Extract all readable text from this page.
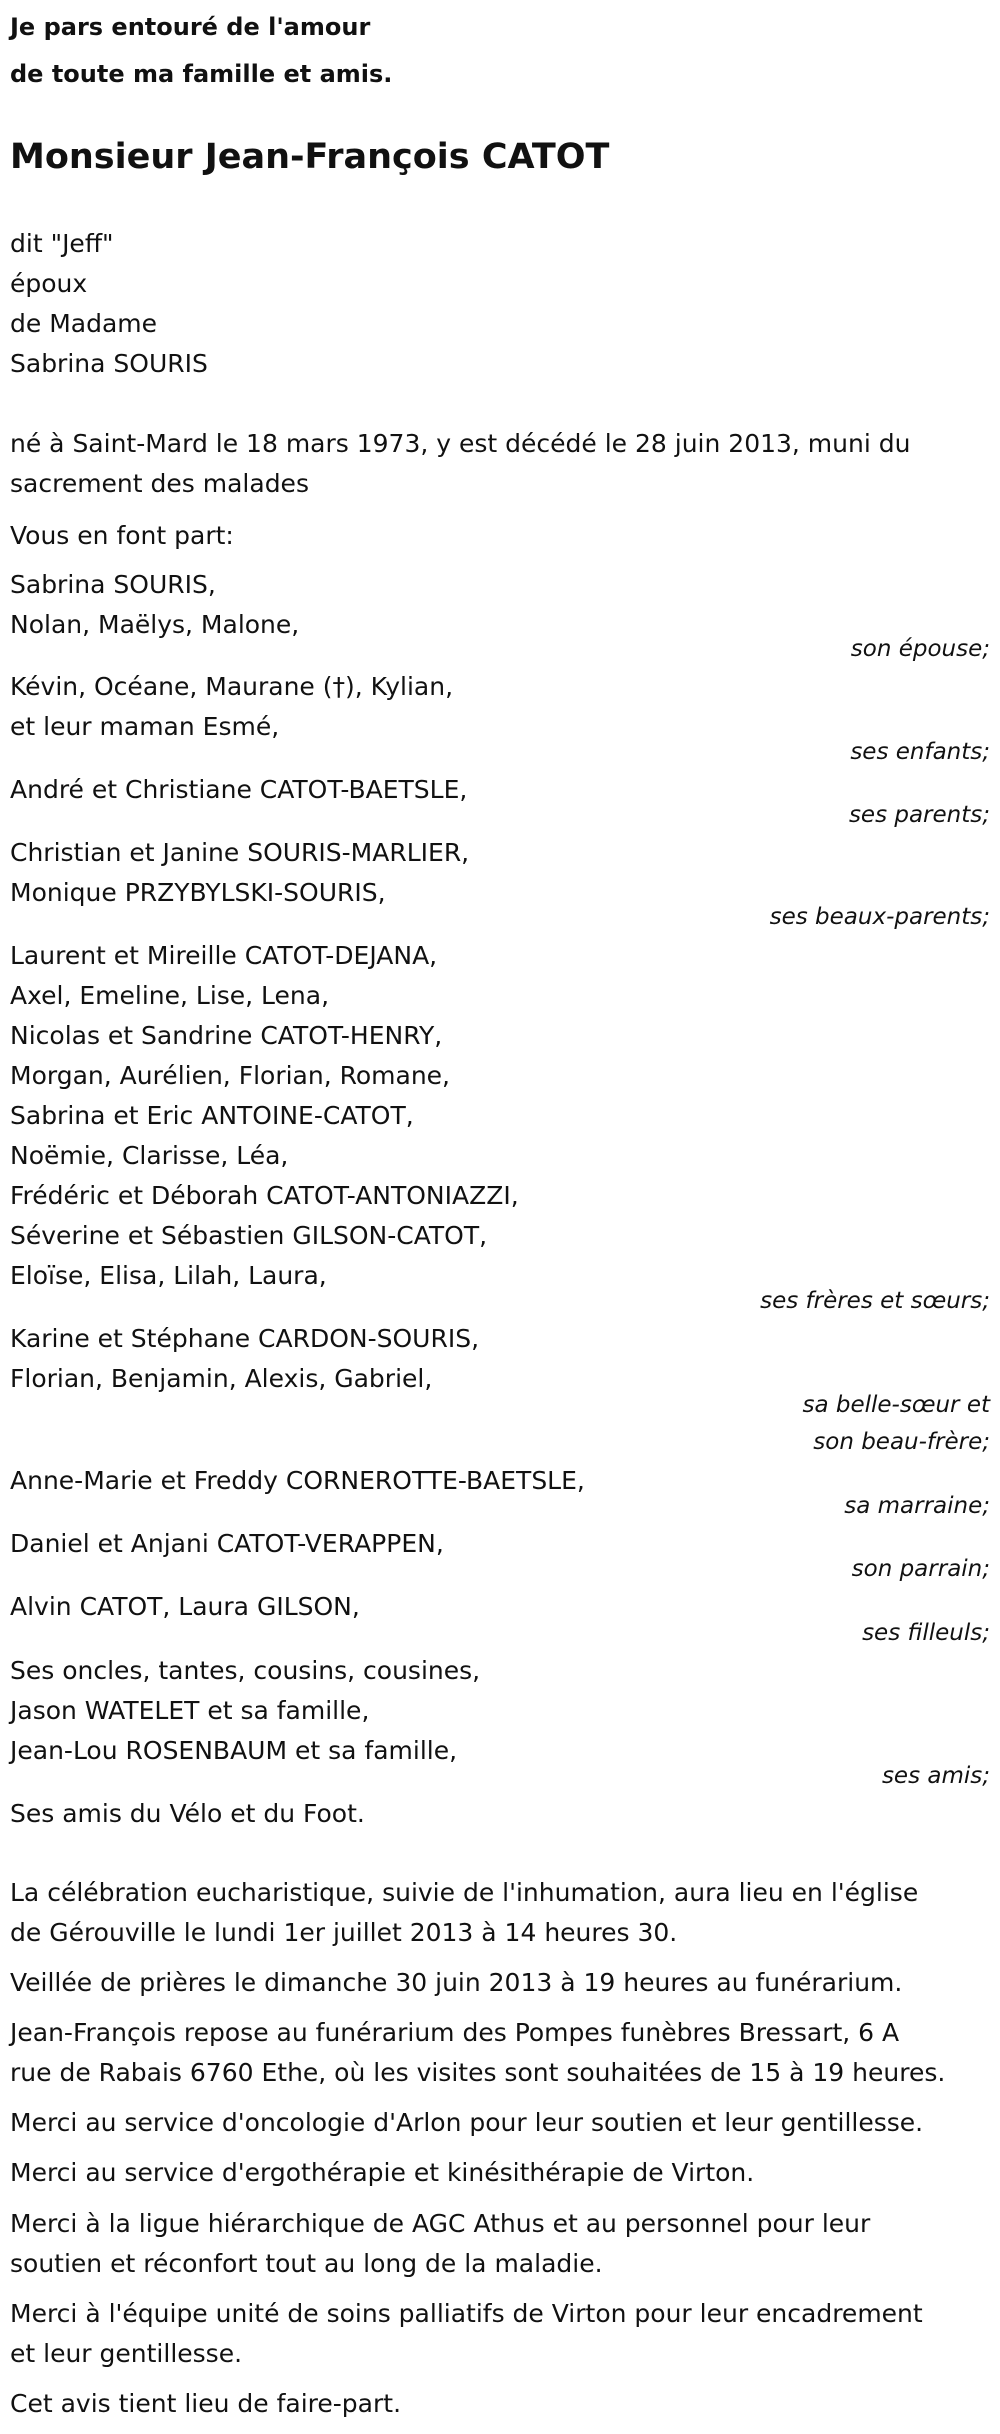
Je pars entouré de l'amour

de toute ma famille et amis.

Monsieur Jean-François CATOT

dit "Jeff"

époux

de Madame

Sabrina SOURIS

né à Saint-Mard le 18 mars 1973, y est décédé le 28 juin 2013, muni du

sacrement des malades

Vous en font part:

Sabrina SOURIS,

Nolan, Maëlys, Malone,

son épouse;

Kévin, Océane, Maurane (†), Kylian,

et leur maman Esmé,

ses enfants;

André et Christiane CATOT-BAETSLE,

ses parents;

Christian et Janine SOURIS-MARLIER,

Monique PRZYBYLSKI-SOURIS,

ses beaux-parents;

Laurent et Mireille CATOT-DEJANA,

Axel, Emeline, Lise, Lena,

Nicolas et Sandrine CATOT-HENRY,

Morgan, Aurélien, Florian, Romane,

Sabrina et Eric ANTOINE-CATOT,

Noëmie, Clarisse, Léa,

Frédéric et Déborah CATOT-ANTONIAZZI,

Séverine et Sébastien GILSON-CATOT,

Eloïse, Elisa, Lilah, Laura,

ses frères et sœurs;

Karine et Stéphane CARDON-SOURIS,

Florian, Benjamin, Alexis, Gabriel,

sa belle-sœur et

son beau-frère;

Anne-Marie et Freddy CORNEROTTE-BAETSLE,

sa marraine;

Daniel et Anjani CATOT-VERAPPEN,

son parrain;

Alvin CATOT, Laura GILSON,

ses filleuls;

Ses oncles, tantes, cousins, cousines,

Jason WATELET et sa famille,

Jean-Lou ROSENBAUM et sa famille,

ses amis;

Ses amis du Vélo et du Foot.

La célébration eucharistique, suivie de l'inhumation, aura lieu en l'église

de Gérouville le lundi 1er juillet 2013 à 14 heures 30.

Veillée de prières le dimanche 30 juin 2013 à 19 heures au funérarium.

Jean-François repose au funérarium des Pompes funèbres Bressart, 6 A

rue de Rabais 6760 Ethe, où les visites sont souhaitées de 15 à 19 heures.

Merci au service d'oncologie d'Arlon pour leur soutien et leur gentillesse.

Merci au service d'ergothérapie et kinésithérapie de Virton.

Merci à la ligue hiérarchique de AGC Athus et au personnel pour leur

soutien et réconfort tout au long de la maladie.

Merci à l'équipe unité de soins palliatifs de Virton pour leur encadrement

et leur gentillesse.

Cet avis tient lieu de faire-part.
